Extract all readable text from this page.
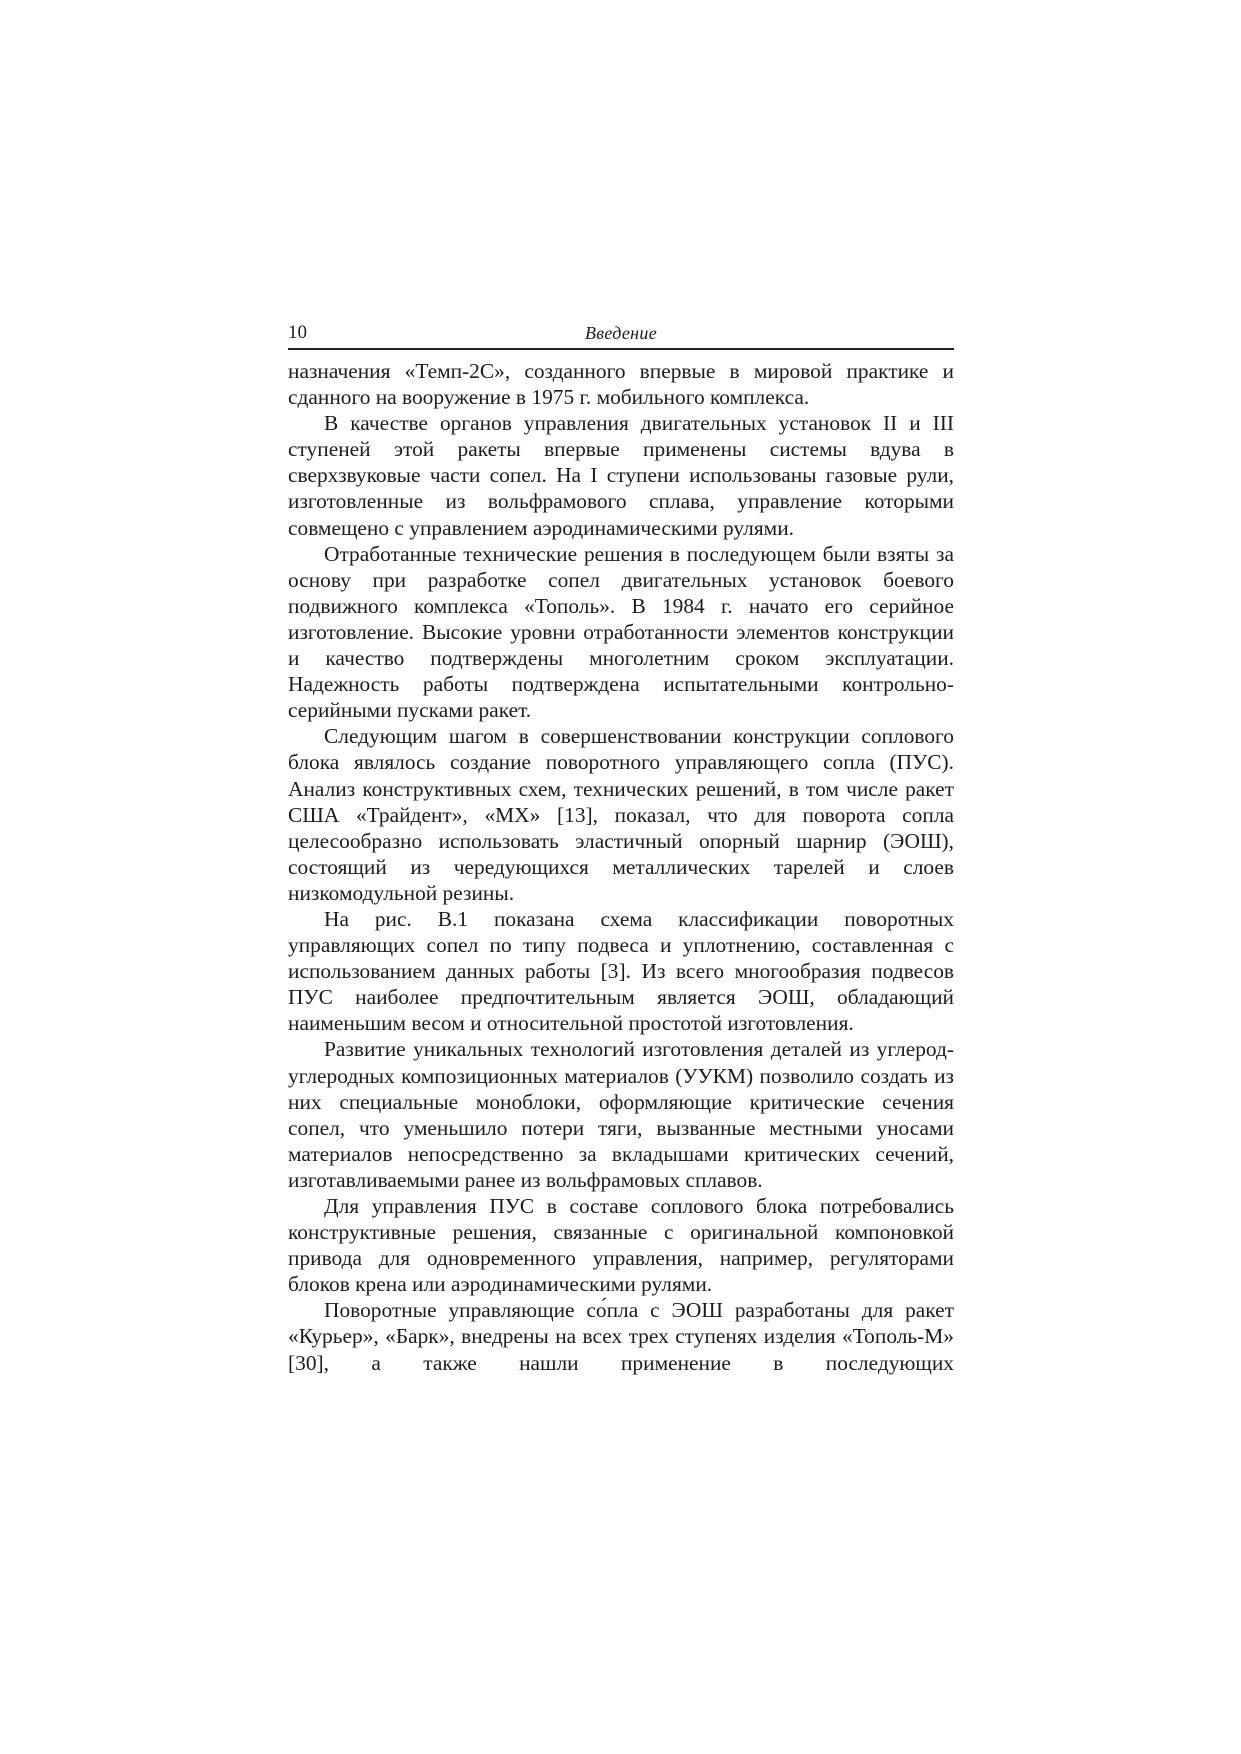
10	Введение

назначения «Темп-2С», созданного впервые в мировой практике и сданного на вооружение в 1975 г. мобильного комплекса.

В качестве органов управления двигательных установок II и III ступеней этой ракеты впервые применены системы вдува в сверхзвуковые части сопел. На I ступени использованы газовые рули, изготовленные из вольфрамового сплава, управление которыми совмещено с управлением аэродинамическими рулями.

Отработанные технические решения в последующем были взяты за основу при разработке сопел двигательных установок боевого подвижного комплекса «Тополь». В 1984 г. начато его серийное изготовление. Высокие уровни отработанности элементов конструкции и качество подтверждены многолетним сроком эксплуатации. Надежность работы подтверждена испытательными контрольно-серийными пусками ракет.

Следующим шагом в совершенствовании конструкции соплового блока являлось создание поворотного управляющего сопла (ПУС). Анализ конструктивных схем, технических решений, в том числе ракет США «Трайдент», «МХ» [13], показал, что для поворота сопла целесообразно использовать эластичный опорный шарнир (ЭОШ), состоящий из чередующихся металлических тарелей и слоев низкомодульной резины.

На рис. В.1 показана схема классификации поворотных управляющих сопел по типу подвеса и уплотнению, составленная с использованием данных работы [3]. Из всего многообразия подвесов ПУС наиболее предпочтительным является ЭОШ, обладающий наименьшим весом и относительной простотой изготовления.

Развитие уникальных технологий изготовления деталей из углерод-углеродных композиционных материалов (УУКМ) позволило создать из них специальные моноблоки, оформляющие критические сечения сопел, что уменьшило потери тяги, вызванные местными уносами материалов непосредственно за вкладышами критических сечений, изготавливаемыми ранее из вольфрамовых сплавов.

Для управления ПУС в составе соплового блока потребовались конструктивные решения, связанные с оригинальной компоновкой привода для одновременного управления, например, регуляторами блоков крена или аэродинамическими рулями.

Поворотные управляющие со́пла с ЭОШ разработаны для ракет «Курьер», «Барк», внедрены на всех трех ступенях изделия «Тополь-М» [30], а также нашли применение в последующих
